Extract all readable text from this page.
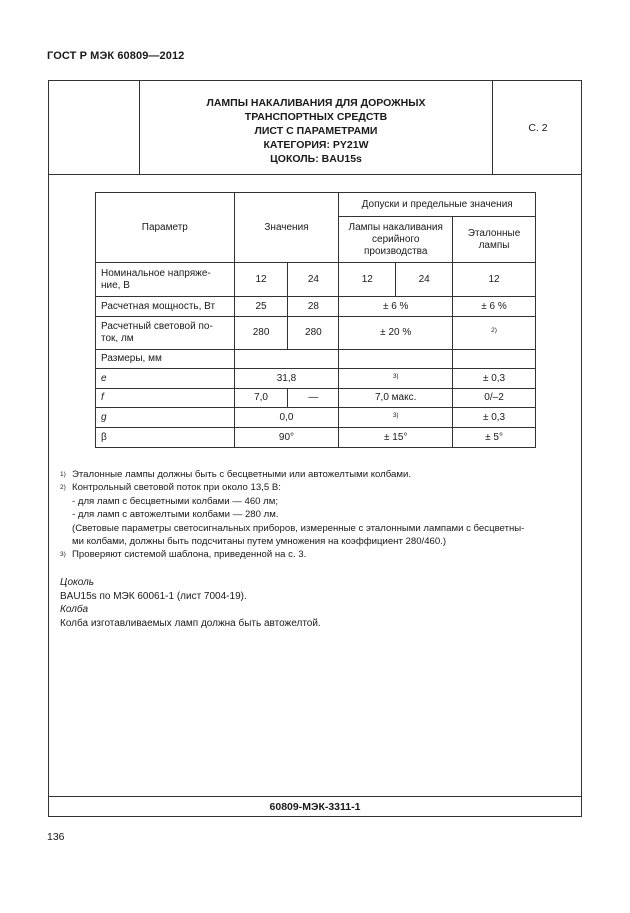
ГОСТ Р МЭК 60809—2012
ЛАМПЫ НАКАЛИВАНИЯ ДЛЯ ДОРОЖНЫХ
ТРАНСПОРТНЫХ СРЕДСТВ
ЛИСТ С ПАРАМЕТРАМИ
КАТЕГОРИЯ: PY21W
ЦОКОЛЬ: BAU15s
С. 2
60809-МЭК-3311-1
Параметр	Значения		Допуски и предельные значения		
			Лампы накаливания серийного производства		Эталонные лампы
Номинальное напряже-ние, В	12	24	12	24	12
Расчетная мощность, Вт	25	28	± 6 %		± 6 %
Расчетный световой по-ток, лм	280	280	± 20 %		$^{2)}$
Размеры, мм					
e	31,8		$^{3)}$		± 0,3
f	7,0	—	7,0 макс.		0/–2
g	0,0		$^{3)}$		± 0,3
β	90°		± 15°		± 5°
1) Эталонные лампы должны быть с бесцветными или автожелтыми колбами.
2) Контрольный световой поток при около 13,5 В:
- для ламп с бесцветными колбами — 460 лм;
- для ламп с автожелтыми колбами — 280 лм.
(Световые параметры светосигнальных приборов, измеренные с эталонными лампами с бесцветны-
ми колбами, должны быть подсчитаны путем умножения на коэффициент 280/460.)
3) Проверяют системой шаблона, приведенной на с. 3.
Цоколь
BAU15s по МЭК 60061-1 (лист 7004-19).
Колба
Колба изготавливаемых ламп должна быть автожелтой.
136
